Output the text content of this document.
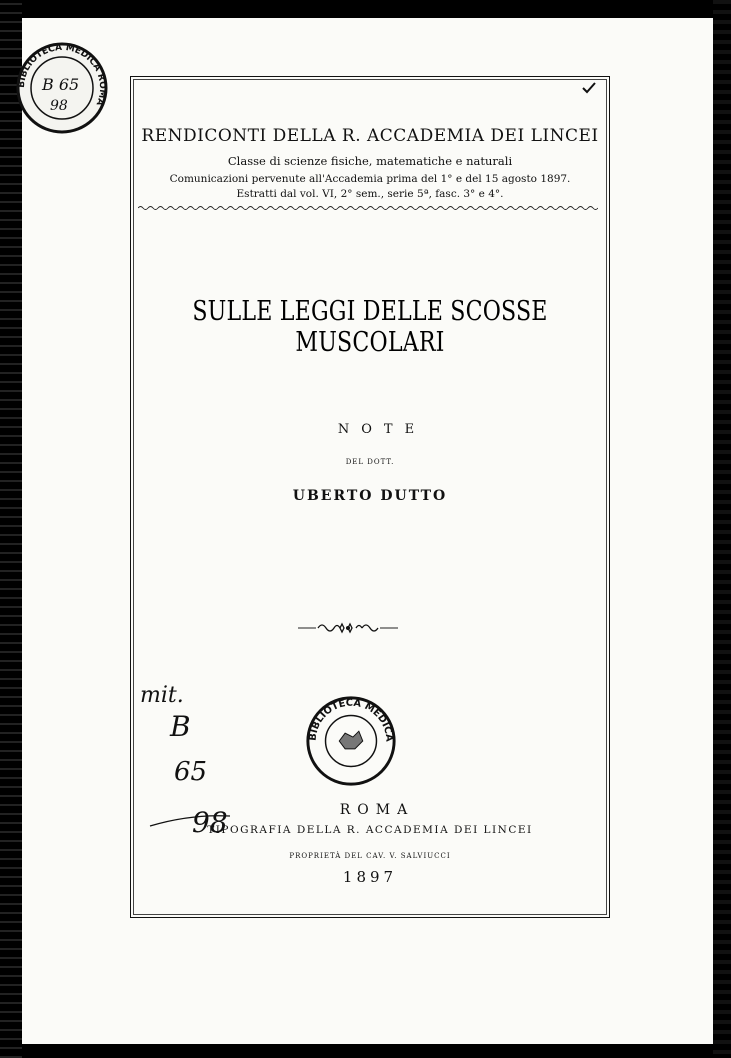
RENDICONTI DELLA R. ACCADEMIA DEI LINCEI
Classe di scienze fisiche, matematiche e naturali
Comunicazioni pervenute all'Accademia prima del 1° e del 15 agosto 1897.
Estratti dal vol. VI, 2° sem., serie 5ª, fasc. 3° e 4°.
SULLE LEGGI DELLE SCOSSE MUSCOLARI
NOTE
DEL DOTT.
UBERTO DUTTO
ROMA
TIPOGRAFIA DELLA R. ACCADEMIA DEI LINCEI
PROPRIETÀ DEL CAV. V. SALVIUCCI
1897
BIBLIOTECA MEDICA ROMA
B 65
98
BIBLIOTECA MEDICA
mit.
B
65
98
